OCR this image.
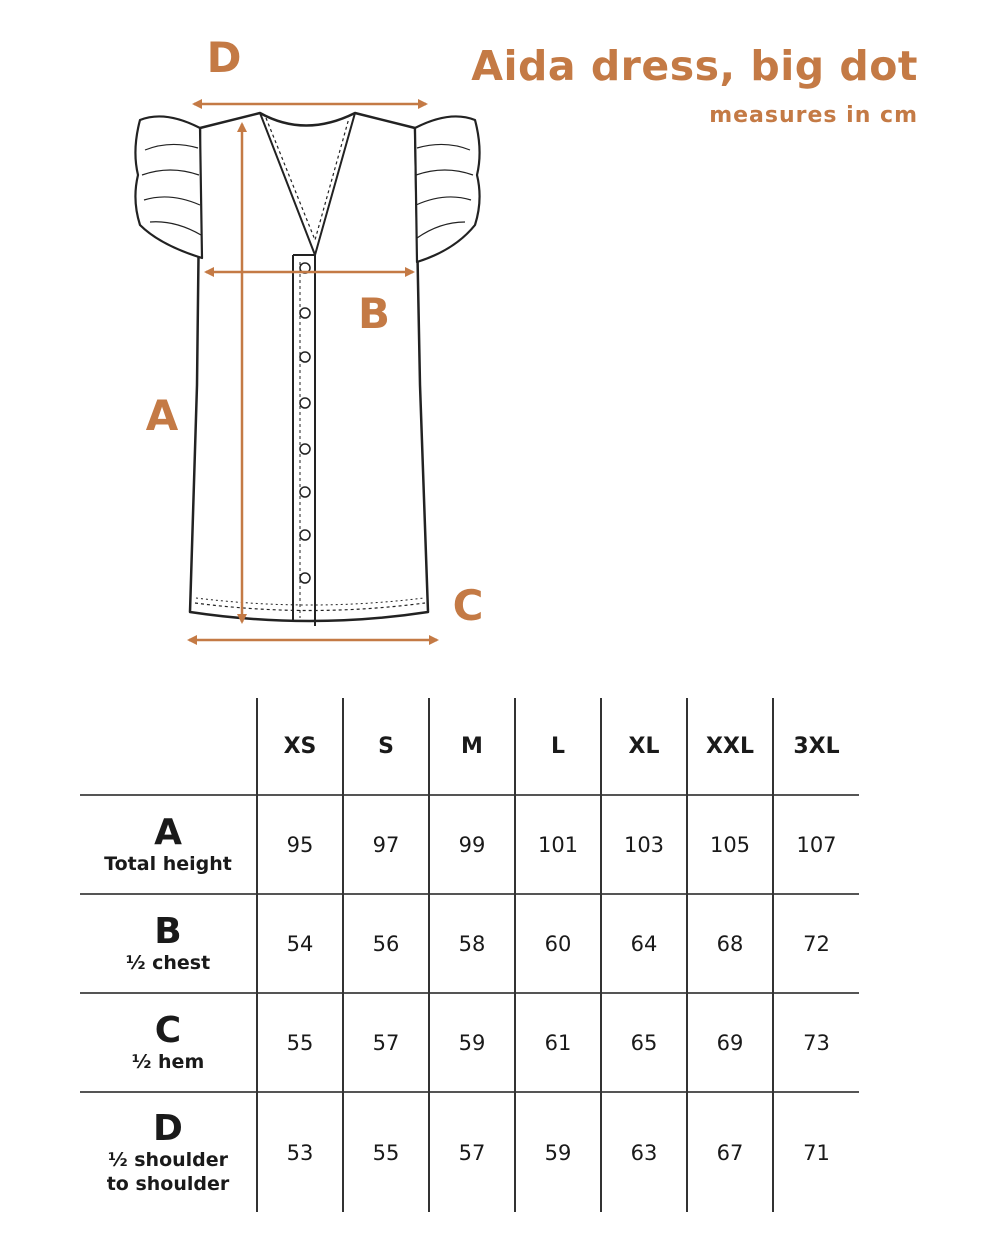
Aida dress, big dot
measures in cm
D
B
A
C
	XS	S	M	L	XL	XXL	3XL

A
Total height	95	97	99	101	103	105	107

B
½ chest	54	56	58	60	64	68	72

C
½ hem	55	57	59	61	65	69	73

D
½ shoulder
to shoulder	53	55	57	59	63	67	71
